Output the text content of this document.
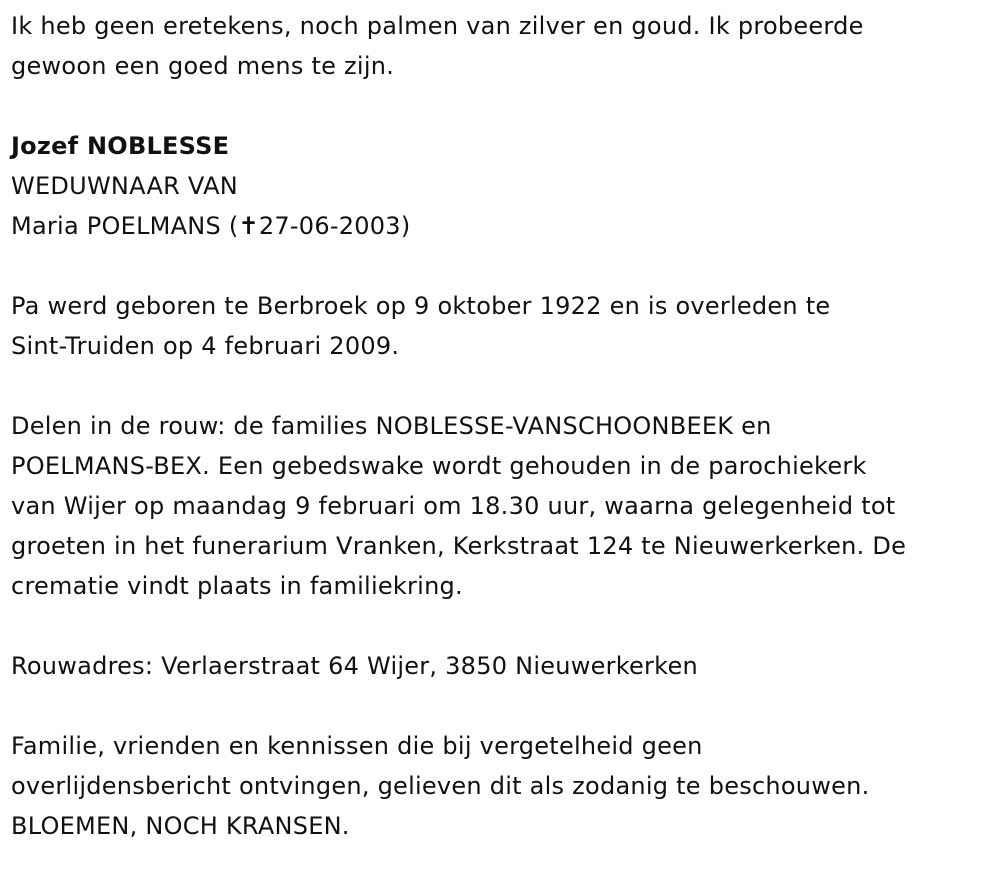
Ik heb geen eretekens, noch palmen van zilver en goud. Ik probeerde
gewoon een goed mens te zijn.

Jozef NOBLESSE
WEDUWNAAR VAN
Maria POELMANS (✝27-06-2003)

Pa werd geboren te Berbroek op 9 oktober 1922 en is overleden te
Sint-Truiden op 4 februari 2009.

Delen in de rouw: de families NOBLESSE-VANSCHOONBEEK en
POELMANS-BEX. Een gebedswake wordt gehouden in de parochiekerk
van Wijer op maandag 9 februari om 18.30 uur, waarna gelegenheid tot
groeten in het funerarium Vranken, Kerkstraat 124 te Nieuwerkerken. De
crematie vindt plaats in familiekring.

Rouwadres: Verlaerstraat 64 Wijer, 3850 Nieuwerkerken

Familie, vrienden en kennissen die bij vergetelheid geen
overlijdensbericht ontvingen, gelieven dit als zodanig te beschouwen.
BLOEMEN, NOCH KRANSEN.
